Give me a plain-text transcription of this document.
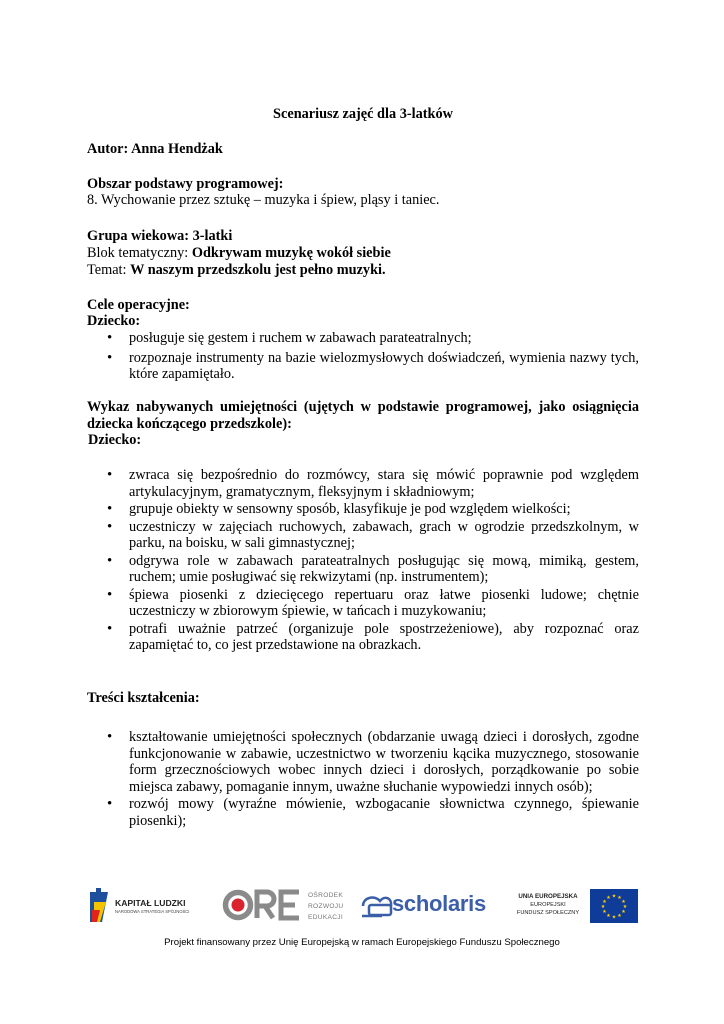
Scenariusz zajęć dla 3-latków
Autor: Anna Hendżak
Obszar podstawy programowej:
8. Wychowanie przez sztukę – muzyka i śpiew, pląsy i taniec.
Grupa wiekowa: 3-latki
Blok tematyczny: Odkrywam muzykę wokół siebie
Temat: W naszym przedszkolu jest pełno muzyki.
Cele operacyjne:
Dziecko:
• posługuje się gestem i ruchem w zabawach parateatralnych;
• rozpoznaje instrumenty na bazie wielozmysłowych doświadczeń, wymienia nazwy tych, które zapamiętało.
Wykaz nabywanych umiejętności (ujętych w podstawie programowej, jako osiągnięcia dziecka kończącego przedszkole):
Dziecko:
• zwraca się bezpośrednio do rozmówcy, stara się mówić poprawnie pod względem artykulacyjnym, gramatycznym, fleksyjnym i składniowym;
• grupuje obiekty w sensowny sposób, klasyfikuje je pod względem wielkości;
• uczestniczy w zajęciach ruchowych, zabawach, grach w ogrodzie przedszkolnym, w parku, na boisku, w sali gimnastycznej;
• odgrywa role w zabawach parateatralnych posługując się mową, mimiką, gestem, ruchem; umie posługiwać się rekwizytami (np. instrumentem);
• śpiewa piosenki z dziecięcego repertuaru oraz łatwe piosenki ludowe; chętnie uczestniczy w zbiorowym śpiewie, w tańcach i muzykowaniu;
• potrafi uważnie patrzeć (organizuje pole spostrzeżeniowe), aby rozpoznać oraz zapamiętać to, co jest przedstawione na obrazkach.
Treści kształcenia:
• kształtowanie umiejętności społecznych (obdarzanie uwagą dzieci i dorosłych, zgodne funkcjonowanie w zabawie, uczestnictwo w tworzeniu kącika muzycznego, stosowanie form grzecznościowych wobec innych dzieci i dorosłych, porządkowanie po sobie miejsca zabawy, pomaganie innym, uważne słuchanie wypowiedzi innych osób);
• rozwój mowy (wyraźne mówienie, wzbogacanie słownictwa czynnego, śpiewanie piosenki);
KAPITAŁ LUDZKI
NARODOWA STRATEGIA SPÓJNOŚCI
OŚRODEK
ROZWOJU
EDUKACJI
scholaris	UNIA EUROPEJSKA
EUROPEJSKI
FUNDUSZ SPOŁECZNY
★ ★
★
★
★
★
★
★
★
★
★
★
Projekt finansowany przez Unię Europejską w ramach Europejskiego Funduszu Społecznego
